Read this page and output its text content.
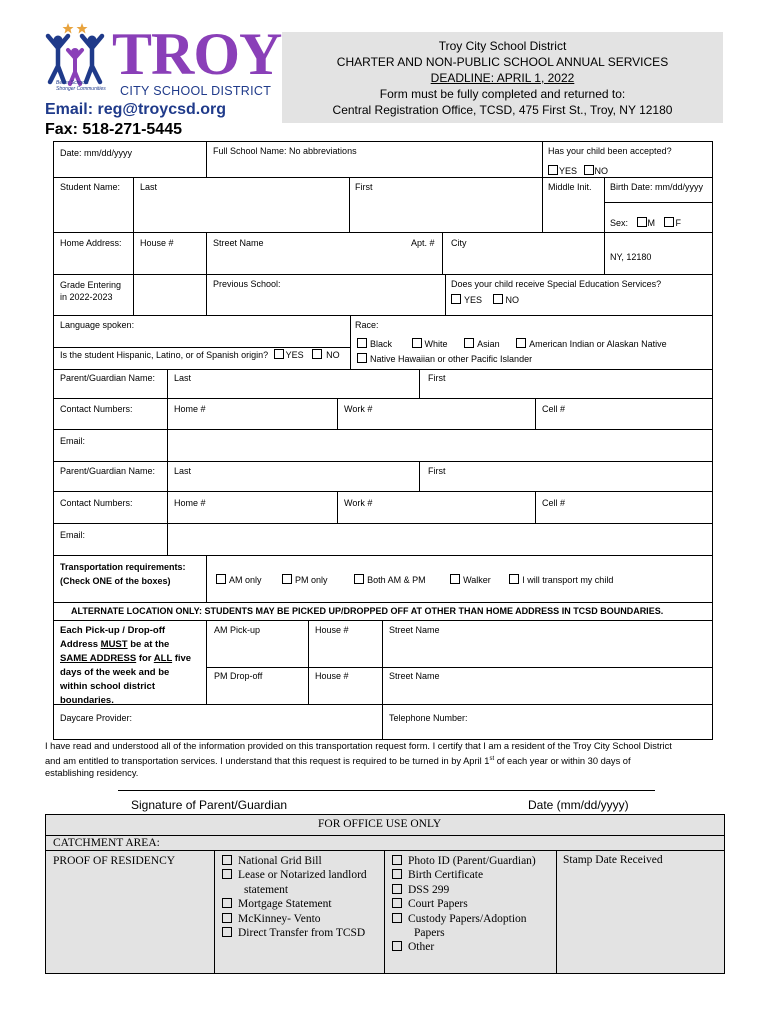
Better Schools
Stronger Communities
TROY
CITY SCHOOL DISTRICT
Email: reg@troycsd.org
Fax: 518-271-5445
Troy City School District
CHARTER AND NON-PUBLIC SCHOOL ANNUAL SERVICES
DEADLINE: APRIL 1, 2022
Form must be fully completed and returned to:
Central Registration Office, TCSD, 475 First St., Troy, NY 12180
Date: mm/dd/yyyy	Full School Name: No abbreviations	Has your child been accepted?
YES NO
Student Name: Last	First	Middle Init. Birth Date: mm/dd/yyyy
Sex: M F
Home Address: House #	Street Name	Apt. # City
NY, 12180
Grade Entering
in 2022-2023
Previous School:	Does your child receive Special Education Services?
YES	NO
Language spoken:
Is the student Hispanic, Latino, or of Spanish origin? YES	NO
Race:
Black	White	Asian	American Indian or Alaskan Native
Native Hawaiian or other Pacific Islander
Parent/Guardian Name: Last	First
Contact Numbers:	Home #	Work #	Cell #
Email:
Parent/Guardian Name: Last	First
Contact Numbers:	Home #	Work #	Cell #
Email:
Transportation requirements:
(Check ONE of the boxes)	AM only	PM only	Both AM & PM	Walker	I will transport my child
ALTERNATE LOCATION ONLY: STUDENTS MAY BE PICKED UP/DROPPED OFF AT OTHER THAN HOME ADDRESS IN TCSD BOUNDARIES.
Each Pick-up / Drop-off
Address MUST be at the
SAME ADDRESS for ALL five
days of the week and be
within school district
boundaries.
AM Pick-up	House #	Street Name
PM Drop-off	House #	Street Name
Daycare Provider:	Telephone Number:
I have read and understood all of the information provided on this transportation request form. I certify that I am a resident of the Troy City School District
and am entitled to transportation services. I understand that this request is required to be turned in by April 1st of each year or within 30 days of
establishing residency.
Signature of Parent/Guardian	Date (mm/dd/yyyy)
FOR OFFICE USE ONLY
CATCHMENT AREA:
PROOF OF RESIDENCY	National Grid Bill
Lease or Notarized landlord
statement
Mortgage Statement
McKinney- Vento
Direct Transfer from TCSD
Photo ID (Parent/Guardian)
Birth Certificate
DSS 299
Court Papers
Custody Papers/Adoption
Papers
Other
Stamp Date Received
